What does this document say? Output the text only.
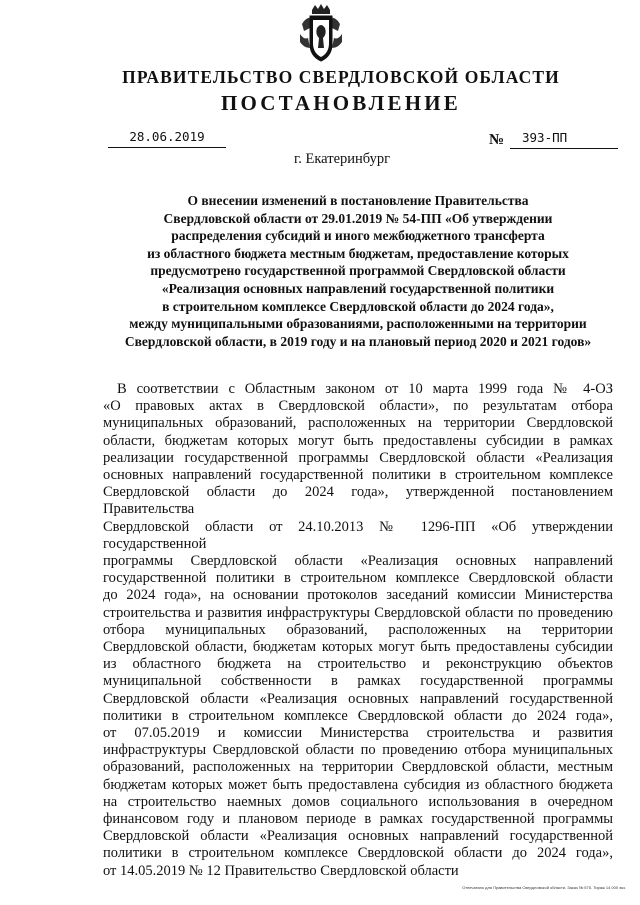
ПРАВИТЕЛЬСТВО СВЕРДЛОВСКОЙ ОБЛАСТИ
ПОСТАНОВЛЕНИЕ
28.06.2019	№	393-ПП
г. Екатеринбург
О внесении изменений в постановление Правительства
Свердловской области от 29.01.2019 № 54-ПП «Об утверждении
распределения субсидий и иного межбюджетного трансферта
из областного бюджета местным бюджетам, предоставление которых
предусмотрено государственной программой Свердловской области
«Реализация основных направлений государственной политики
в строительном комплексе Свердловской области до 2024 года»,
между муниципальными образованиями, расположенными на территории
Свердловской области, в 2019 году и на плановый период 2020 и 2021 годов»
В соответствии с Областным законом от 10 марта 1999 года № 4-ОЗ
«О правовых актах в Свердловской области», по результатам отбора
муниципальных образований, расположенных на территории Свердловской
области, бюджетам которых могут быть предоставлены субсидии в рамках
реализации государственной программы Свердловской области «Реализация
основных направлений государственной политики в строительном комплексе
Свердловской области до 2024 года», утвержденной постановлением Правительства
Свердловской области от 24.10.2013 № 1296-ПП «Об утверждении государственной
программы Свердловской области «Реализация основных направлений
государственной политики в строительном комплексе Свердловской области
до 2024 года», на основании протоколов заседаний комиссии Министерства
строительства и развития инфраструктуры Свердловской области по проведению
отбора муниципальных образований, расположенных на территории
Свердловской области, бюджетам которых могут быть предоставлены субсидии
из областного бюджета на строительство и реконструкцию объектов
муниципальной собственности в рамках государственной программы
Свердловской области «Реализация основных направлений государственной
политики в строительном комплексе Свердловской области до 2024 года»,
от 07.05.2019 и комиссии Министерства строительства и развития
инфраструктуры Свердловской области по проведению отбора муниципальных
образований, расположенных на территории Свердловской области, местным
бюджетам которых может быть предоставлена субсидия из областного бюджета
на строительство наемных домов социального использования в очередном
финансовом году и плановом периоде в рамках государственной программы
Свердловской области «Реализация основных направлений государственной
политики в строительном комплексе Свердловской области до 2024 года»,
от 14.05.2019 № 12 Правительство Свердловской области
Отпечатано для Правительства Свердловской области. Заказ № 575. Тираж 14 000 экз.
